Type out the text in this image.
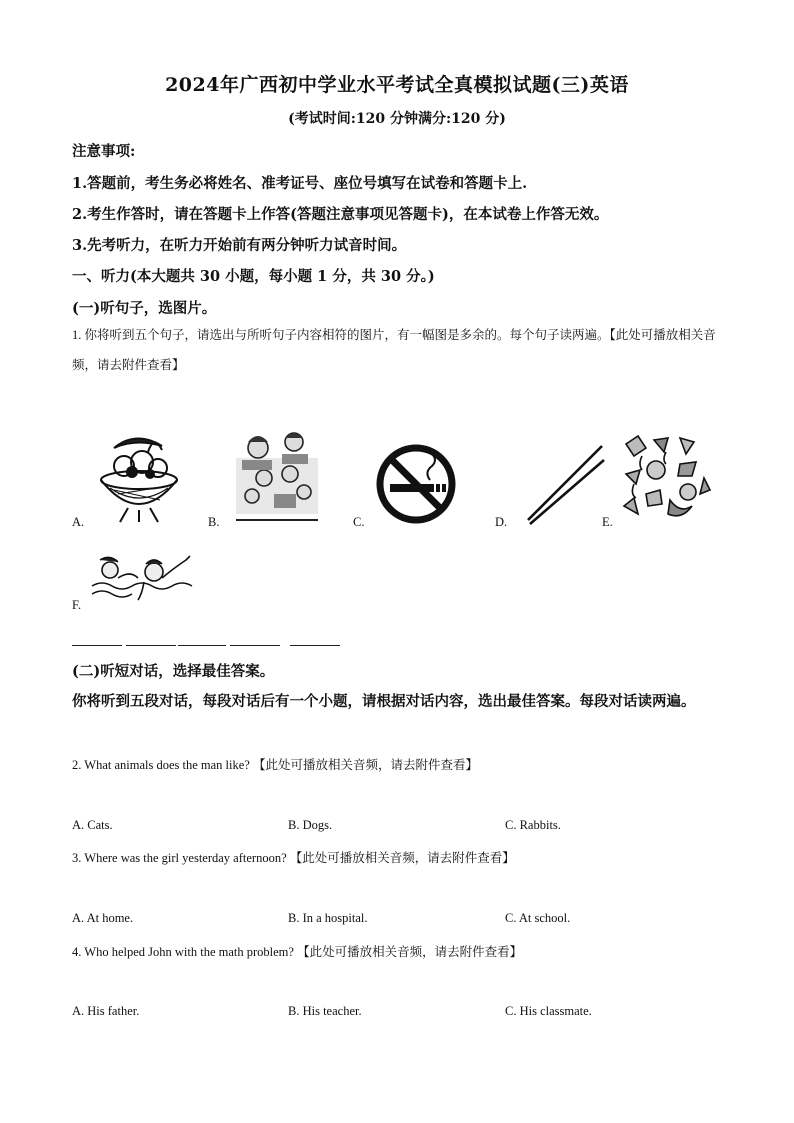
2024年广西初中学业水平考试全真模拟试题(三)英语
(考试时间:120 分钟满分:120 分)
注意事项:
1.答题前，考生务必将姓名、准考证号、座位号填写在试卷和答题卡上.
2.考生作答时，请在答题卡上作答(答题注意事项见答题卡)，在本试卷上作答无效。
3.先考听力，在听力开始前有两分钟听力试音时间。
一、听力(本大题共 30 小题，每小题 1 分，共 30 分。)
(一)听句子，选图片。
1. 你将听到五个句子，请选出与所听句子内容相符的图片，有一幅图是多余的。每个句子读两遍。【此处可播放相关音频，请去附件查看】
A.	B.	C.	D.	E.
F.
(二)听短对话，选择最佳答案。
你将听到五段对话，每段对话后有一个小题，请根据对话内容，选出最佳答案。每段对话读两遍。
2. What animals does the man like? 【此处可播放相关音频，请去附件查看】
A. Cats.	B. Dogs.	C. Rabbits.
3. Where was the girl yesterday afternoon? 【此处可播放相关音频，请去附件查看】
A. At home.	B. In a hospital.	C. At school.
4. Who helped John with the math problem? 【此处可播放相关音频，请去附件查看】
A. His father.	B. His teacher.	C. His classmate.
